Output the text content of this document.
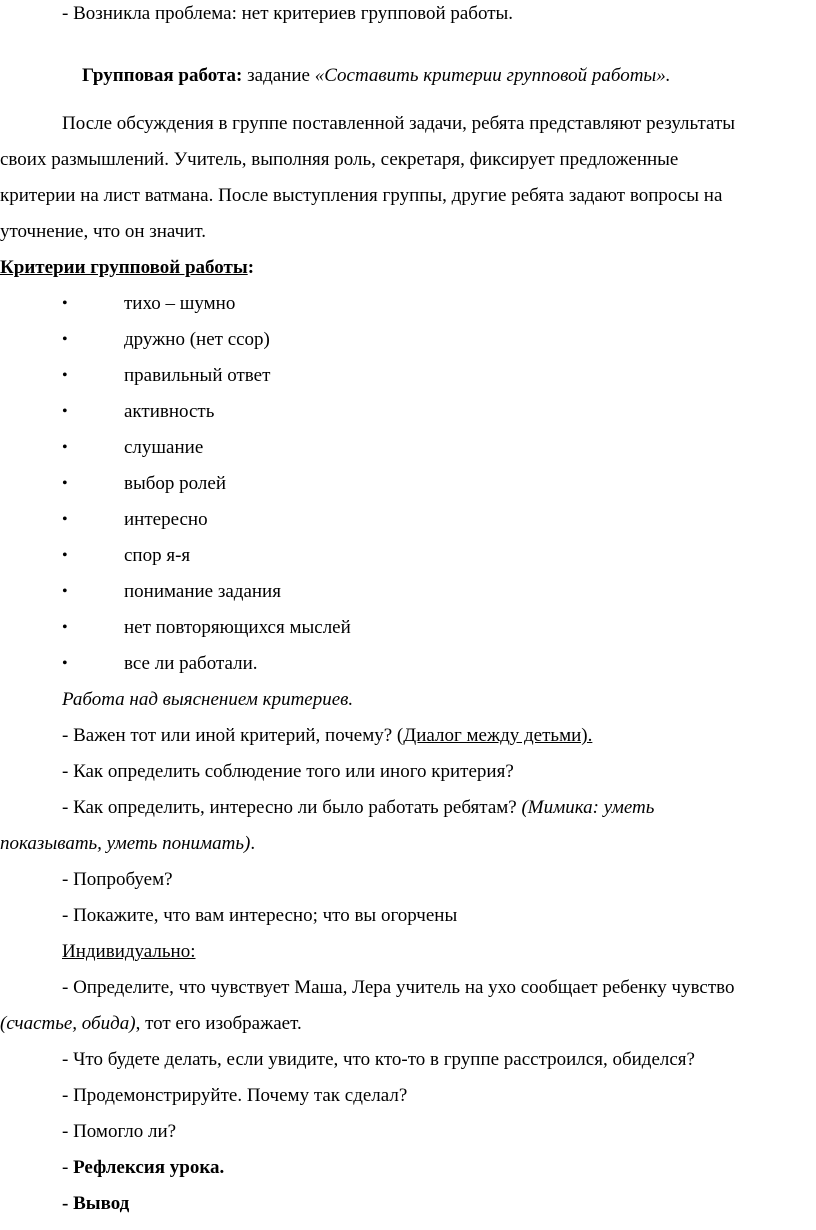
- Возникла проблема: нет критериев групповой работы.
Групповая работа: задание «Составить критерии групповой работы».
После обсуждения в группе поставленной задачи, ребята представляют результаты
своих размышлений. Учитель, выполняя роль, секретаря, фиксирует предложенные
критерии на лист ватмана. После выступления группы, другие ребята задают вопросы на
уточнение, что он значит.
Критерии групповой работы:
•	тихо – шумно
•	дружно (нет ссор)
•	правильный ответ
•	активность
•	слушание
•	выбор ролей
•	интересно
•	спор я-я
•	понимание задания
•	нет повторяющихся мыслей
•	все ли работали.
Работа над выяснением критериев.
- Важен тот или иной критерий, почему? (Диалог между детьми).
- Как определить соблюдение того или иного критерия?
- Как определить, интересно ли было работать ребятам? (Мимика: уметь
показывать, уметь понимать).
- Попробуем?
- Покажите, что вам интересно; что вы огорчены
Индивидуально:
- Определите, что чувствует Маша, Лера учитель на ухо сообщает ребенку чувство
(счастье, обида), тот его изображает.
- Что будете делать, если увидите, что кто-то в группе расстроился, обиделся?
- Продемонстрируйте. Почему так сделал?
- Помогло ли?
- Рефлексия урока.
- Вывод
